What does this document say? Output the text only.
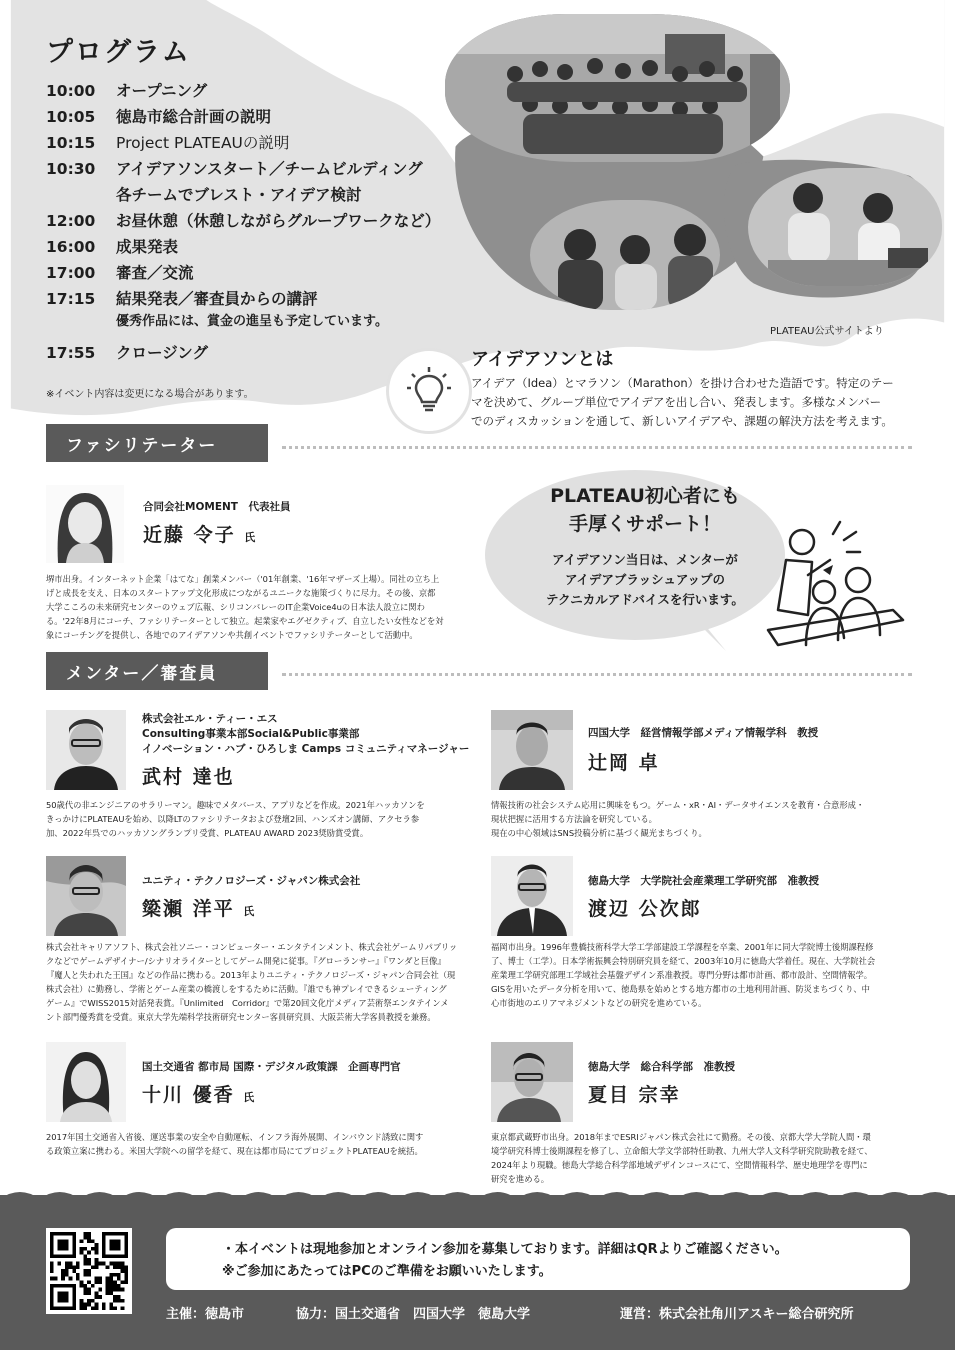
PLATEAU公式サイトより
プログラム
10:00	オープニング
10:05	徳島市総合計画の説明
10:15	Project PLATEAUの説明
10:30	アイデアソンスタート／チームビルディング
各チームでブレスト・アイデア検討
12:00	お昼休憩（休憩しながらグループワークなど）
16:00	成果発表
17:00	審査／交流
17:15	結果発表／審査員からの講評
優秀作品には、賞金の進呈も予定しています。
17:55	クロージング
※イベント内容は変更になる場合があります。
アイデアソンとは
アイデア（Idea）とマラソン（Marathon）を掛け合わせた造語です。特定のテー
マを決めて、グループ単位でアイデアを出し合い、発表します。多様なメンバー
でのディスカッションを通して、新しいアイデアや、課題の解決方法を考えます。
ファシリテーター
合同会社MOMENT　代表社員
近藤 令子 氏
堺市出身。インターネット企業「はてな」創業メンバー（'01年創業、'16年マザーズ上場）。同社の立ち上
げと成長を支え、日本のスタートアップ文化形成につながるユニークな施策づくりに尽力。その後、京都
大学こころの未来研究センターのウェブ広報、シリコンバレーのIT企業Voice4uの日本法人設立に関わ
る。'22年8月にコーチ、ファシリテーターとして独立。起業家やエグゼクティブ、自立したい女性などを対
象にコーチングを提供し、各地でのアイデアソンや共創イベントでファシリテーターとして活動中。
PLATEAU初心者にも
手厚くサポート！
アイデアソン当日は、メンターが
アイデアブラッシュアップの
テクニカルアドバイスを行います。
メンター／審査員
株式会社エル・ティー・エス
Consulting事業本部Social&Public事業部
イノベーション・ハブ・ひろしま Camps コミュニティマネージャー
武村 達也
50歳代の非エンジニアのサラリーマン。趣味でメタバース、アプリなどを作成。2021年ハッカソンを
きっかけにPLATEAUを始め、以降LTのファシリテータおよび登壇2回、ハンズオン講師、アクセラ参
加、2022年呉でのハッカソングランプリ受賞、PLATEAU AWARD 2023奨励賞受賞。
四国大学　経営情報学部メディア情報学科　教授
辻岡 卓
情報技術の社会システム応用に興味をもつ。ゲーム・xR・AI・データサイエンスを教育・合意形成・
現状把握に活用する方法論を研究している。
現在の中心領域はSNS投稿分析に基づく観光まちづくり。
ユニティ・テクノロジーズ・ジャパン株式会社
簗瀬 洋平 氏
株式会社キャリアソフト、株式会社ソニー・コンピューター・エンタテインメント、株式会社ゲームリパブリッ
クなどでゲームデザイナー/シナリオライターとしてゲーム開発に従事。『グローランサー』『ワンダと巨像』
『魔人と失われた王国』などの作品に携わる。2013年よりユニティ・テクノロジーズ・ジャパン合同会社（現
株式会社）に勤務し、学術とゲーム産業の橋渡しをするために活動。『誰でも神プレイできるシューティング
ゲーム』でWISS2015対話発表賞。『Unlimited　Corridor』で第20回文化庁メディア芸術祭エンタテインメ
ント部門優秀賞を受賞。東京大学先端科学技術研究センター客員研究員、大阪芸術大学客員教授を兼務。
徳島大学　大学院社会産業理工学研究部　准教授
渡辺 公次郎
福岡市出身。1996年豊橋技術科学大学工学部建設工学課程を卒業、2001年に同大学院博士後期課程修
了、博士（工学）。日本学術振興会特別研究員を経て、2003年10月に徳島大学着任。現在、大学院社会
産業理工学研究部理工学域社会基盤デザイン系准教授。専門分野は都市計画、都市設計、空間情報学。
GISを用いたデータ分析を用いて、徳島県を始めとする地方都市の土地利用計画、防災まちづくり、中
心市街地のエリアマネジメントなどの研究を進めている。
国土交通省 都市局 国際・デジタル政策課　企画専門官
十川 優香 氏
2017年国土交通省入省後、運送事業の安全や自動運転、インフラ海外展開、インバウンド誘致に関す
る政策立案に携わる。米国大学院への留学を経て、現在は都市局にてプロジェクトPLATEAUを統括。
徳島大学　総合科学部　准教授
夏目 宗幸
東京都武蔵野市出身。2018年までESRIジャパン株式会社にて勤務。その後、京都大学大学院人間・環
境学研究科博士後期課程を修了し、立命館大学文学部特任助教、九州大学人文科学研究院助教を経て、
2024年より現職。徳島大学総合科学部地域デザインコースにて、空間情報科学、歴史地理学を専門に
研究を進める。
・本イベントは現地参加とオンライン参加を募集しております。詳細はQRよりご確認ください。
※ご参加にあたってはPCのご準備をお願いいたします。
主催：徳島市	協力：国土交通省　四国大学　徳島大学	運営：株式会社角川アスキー総合研究所
